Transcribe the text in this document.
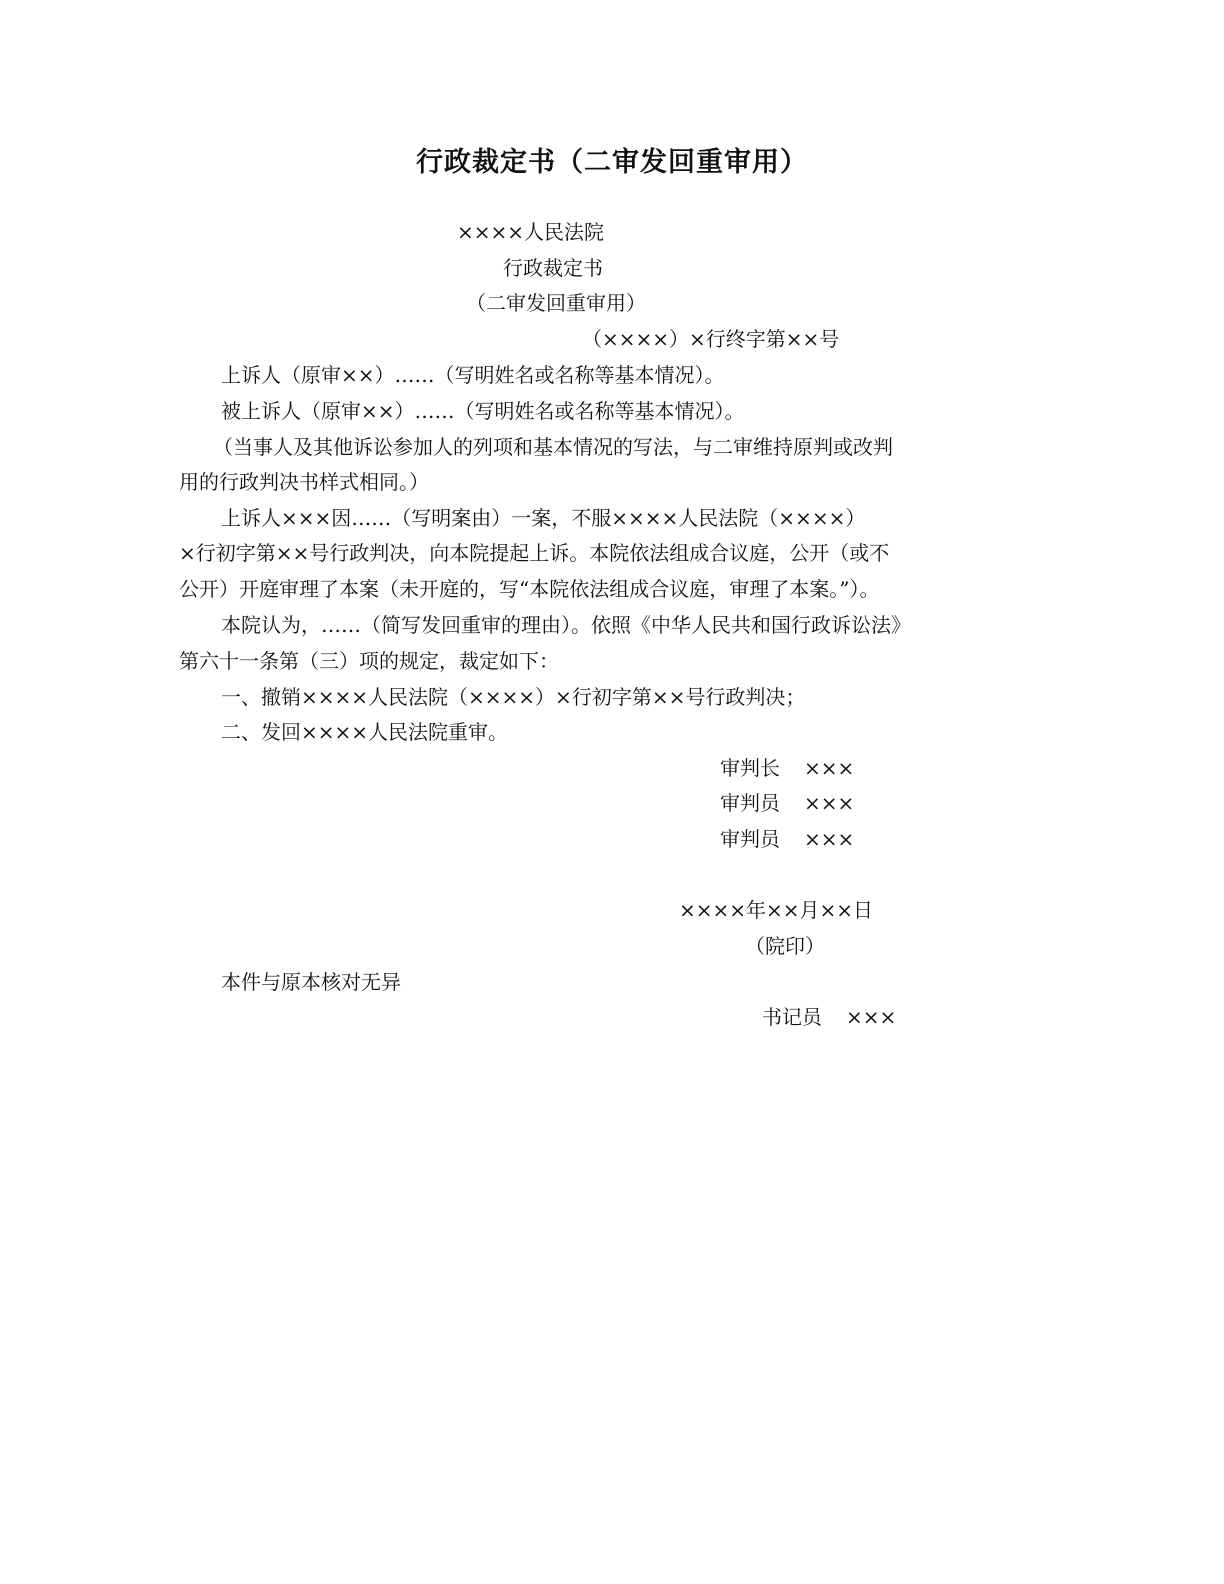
行政裁定书（二审发回重审用）
××××人民法院
行政裁定书
（二审发回重审用）
（××××）×行终字第××号
上诉人（原审××）……（写明姓名或名称等基本情况）。
被上诉人（原审××）……（写明姓名或名称等基本情况）。
（当事人及其他诉讼参加人的列项和基本情况的写法，与二审维持原判或改判
用的行政判决书样式相同。）
上诉人×××因……（写明案由）一案，不服××××人民法院（××××）
×行初字第××号行政判决，向本院提起上诉。本院依法组成合议庭，公开（或不
公开）开庭审理了本案（未开庭的，写“本院依法组成合议庭，审理了本案。”）。
本院认为，……（简写发回重审的理由）。依照《中华人民共和国行政诉讼法》
第六十一条第（三）项的规定，裁定如下：
一、撤销××××人民法院（××××）×行初字第××号行政判决；
二、发回××××人民法院重审。
审判长 ×××
审判员 ×××
审判员 ×××
××××年××月××日
（院印）
本件与原本核对无异
书记员 ×××
